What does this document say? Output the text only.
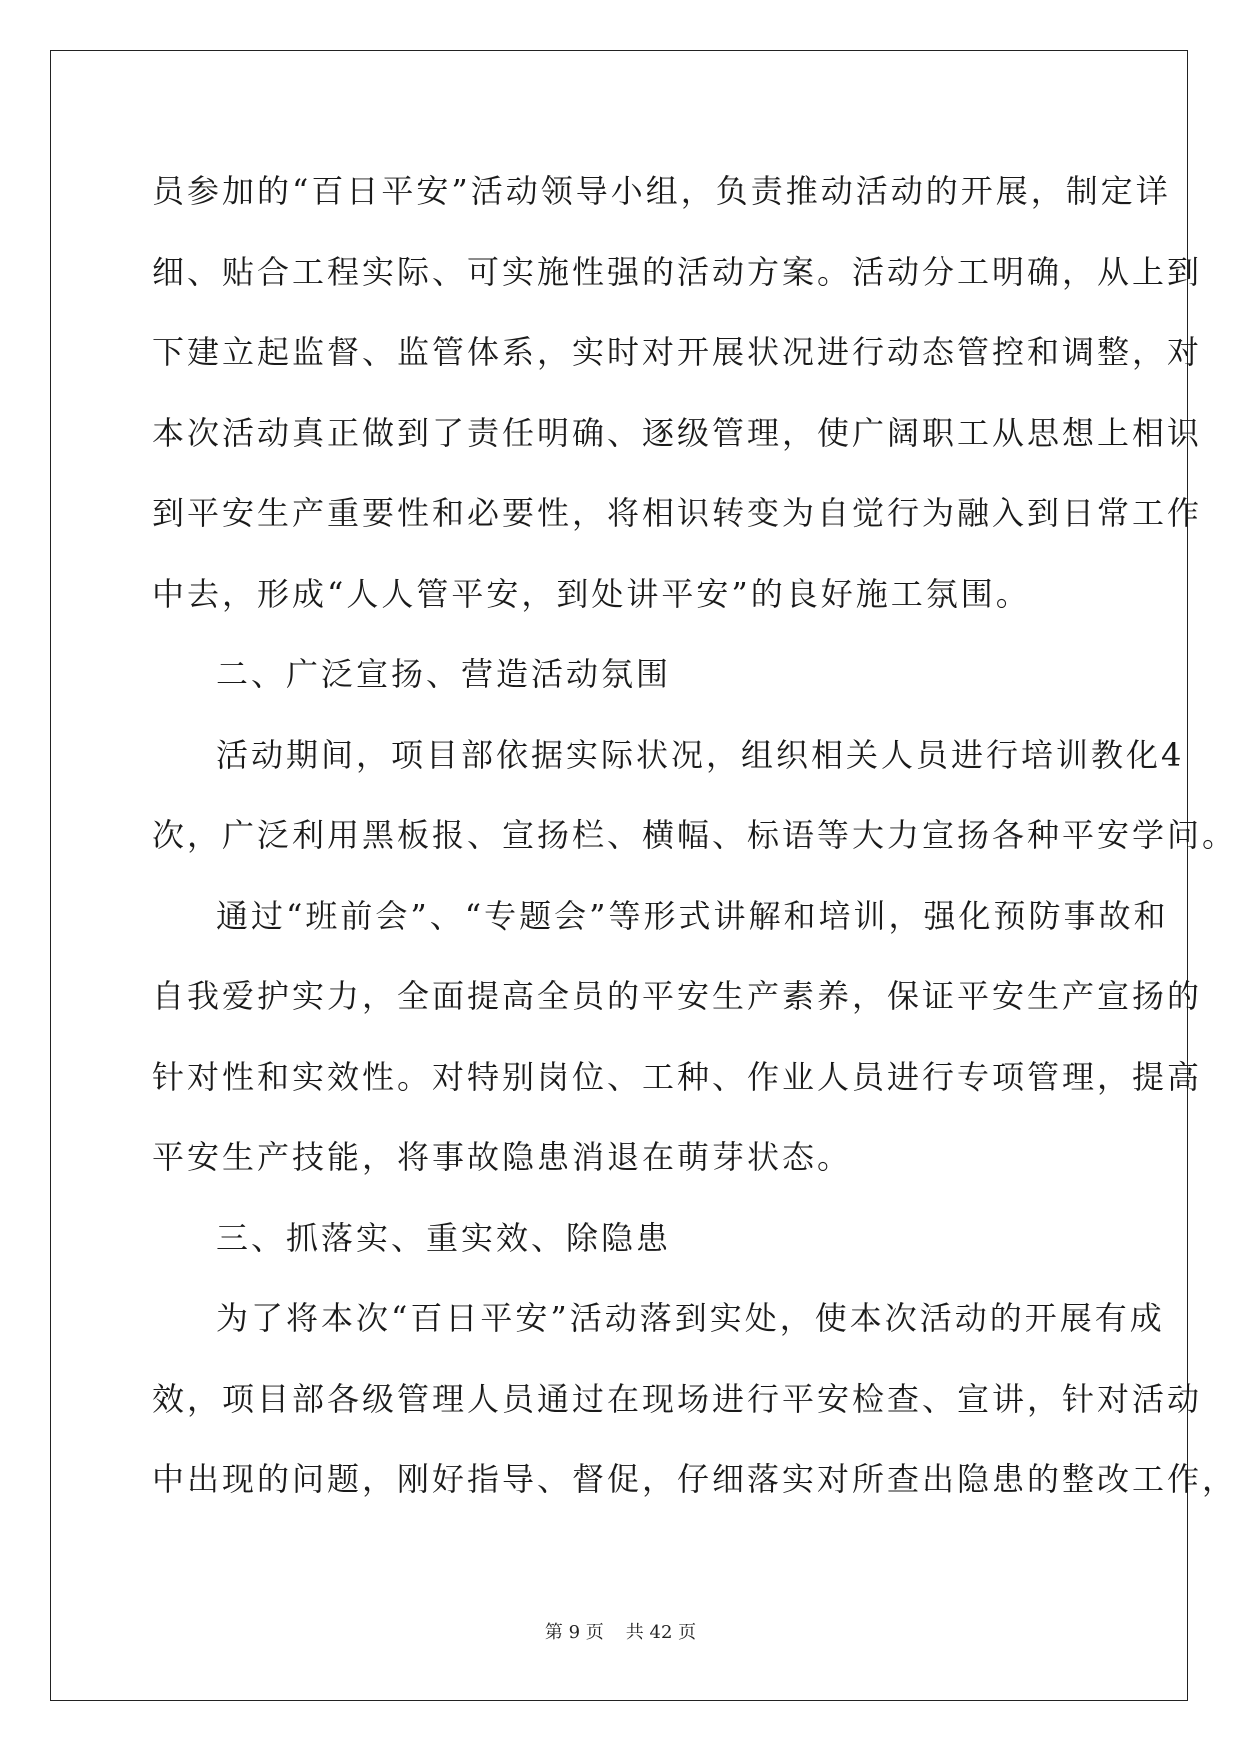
员参加的“百日平安”活动领导小组，负责推动活动的开展，制定详
细、贴合工程实际、可实施性强的活动方案。活动分工明确，从上到
下建立起监督、监管体系，实时对开展状况进行动态管控和调整，对
本次活动真正做到了责任明确、逐级管理，使广阔职工从思想上相识
到平安生产重要性和必要性，将相识转变为自觉行为融入到日常工作
中去，形成“人人管平安，到处讲平安”的良好施工氛围。
二、广泛宣扬、营造活动氛围
活动期间，项目部依据实际状况，组织相关人员进行培训教化4
次，广泛利用黑板报、宣扬栏、横幅、标语等大力宣扬各种平安学问。
通过“班前会”、“专题会”等形式讲解和培训，强化预防事故和
自我爱护实力，全面提高全员的平安生产素养，保证平安生产宣扬的
针对性和实效性。对特别岗位、工种、作业人员进行专项管理，提高
平安生产技能，将事故隐患消退在萌芽状态。
三、抓落实、重实效、除隐患
为了将本次“百日平安”活动落到实处，使本次活动的开展有成
效，项目部各级管理人员通过在现场进行平安检查、宣讲，针对活动
中出现的问题，刚好指导、督促，仔细落实对所查出隐患的整改工作，
第 9 页 共 42 页
